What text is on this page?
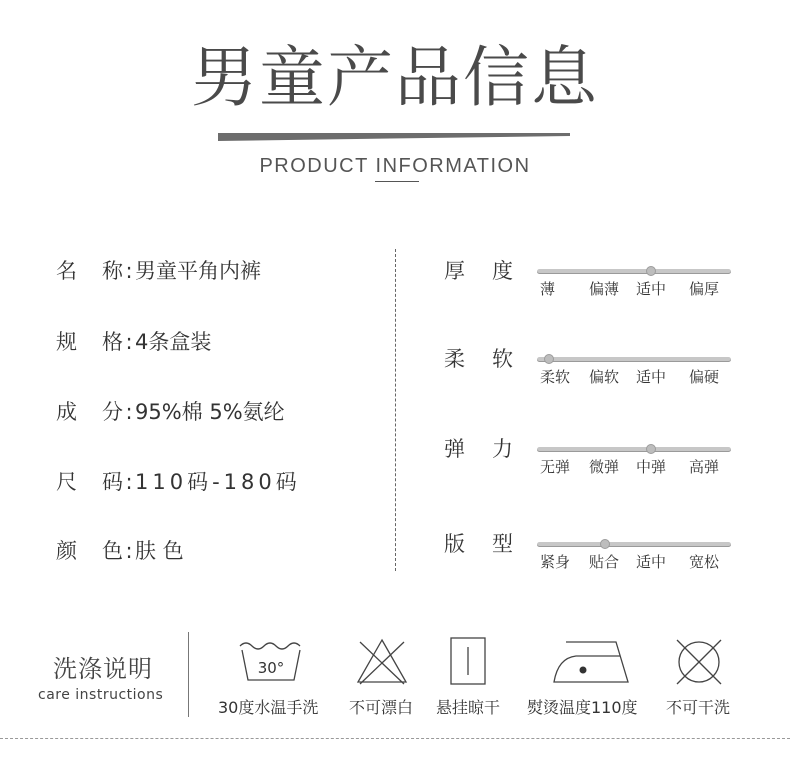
男童产品信息
PRODUCT INFORMATION
名 称 : 男童平角内裤
规 格 : 4条盒装
成 分 : 95%棉 5%氨纶
尺 码 : 110码-180码
颜 色 : 肤 色
厚 度
薄 偏薄 适中 偏厚
柔 软
柔软 偏软 适中 偏硬
弹 力
无弹 微弹 中弹 高弹
版 型
紧身 贴合 适中 宽松
洗涤说明
care instructions
30°
30度水温手洗 不可漂白 悬挂晾干 熨烫温度110度 不可干洗
